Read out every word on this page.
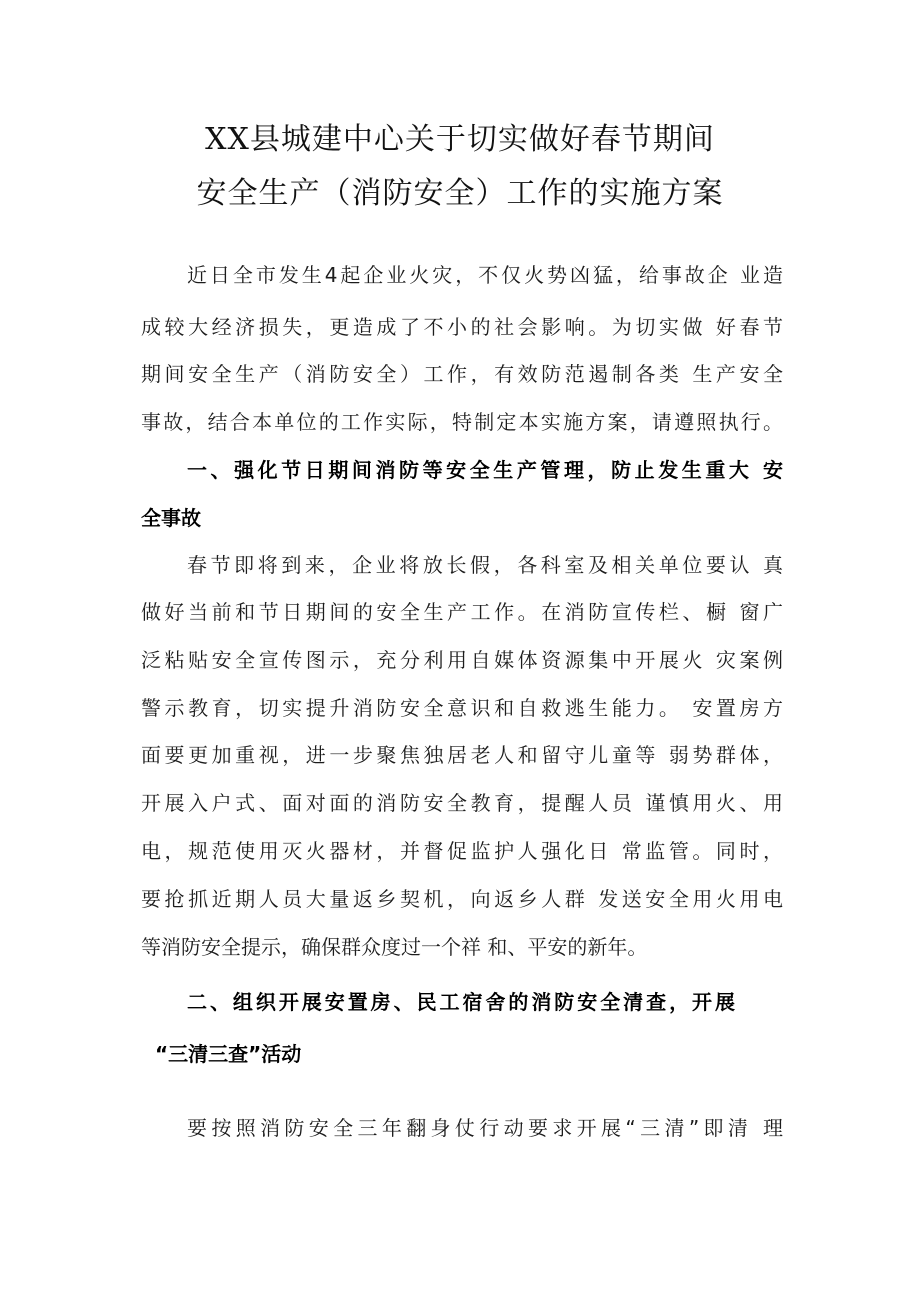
XX县城建中心关于切实做好春节期间
安全生产（消防安全）工作的实施方案
近日全市发生4起企业火灾，不仅火势凶猛，给事故企 业造
成较大经济损失，更造成了不小的社会影响。为切实做 好春节
期间安全生产（消防安全）工作，有效防范遏制各类 生产安全
事故，结合本单位的工作实际，特制定本实施方案，请遵照执行。
一、强化节日期间消防等安全生产管理，防止发生重大 安
全事故
春节即将到来，企业将放长假，各科室及相关单位要认 真
做好当前和节日期间的安全生产工作。在消防宣传栏、橱 窗广
泛粘贴安全宣传图示，充分利用自媒体资源集中开展火 灾案例
警示教育，切实提升消防安全意识和自救逃生能力。 安置房方
面要更加重视，进一步聚焦独居老人和留守儿童等 弱势群体，
开展入户式、面对面的消防安全教育，提醒人员 谨慎用火、用
电，规范使用灭火器材，并督促监护人强化日 常监管。同时，
要抢抓近期人员大量返乡契机，向返乡人群 发送安全用火用电
等消防安全提示，确保群众度过一个祥 和、平安的新年。
二、组织开展安置房、民工宿舍的消防安全清查，开展
“三清三查”活动
要按照消防安全三年翻身仗行动要求开展“三清”即清 理
